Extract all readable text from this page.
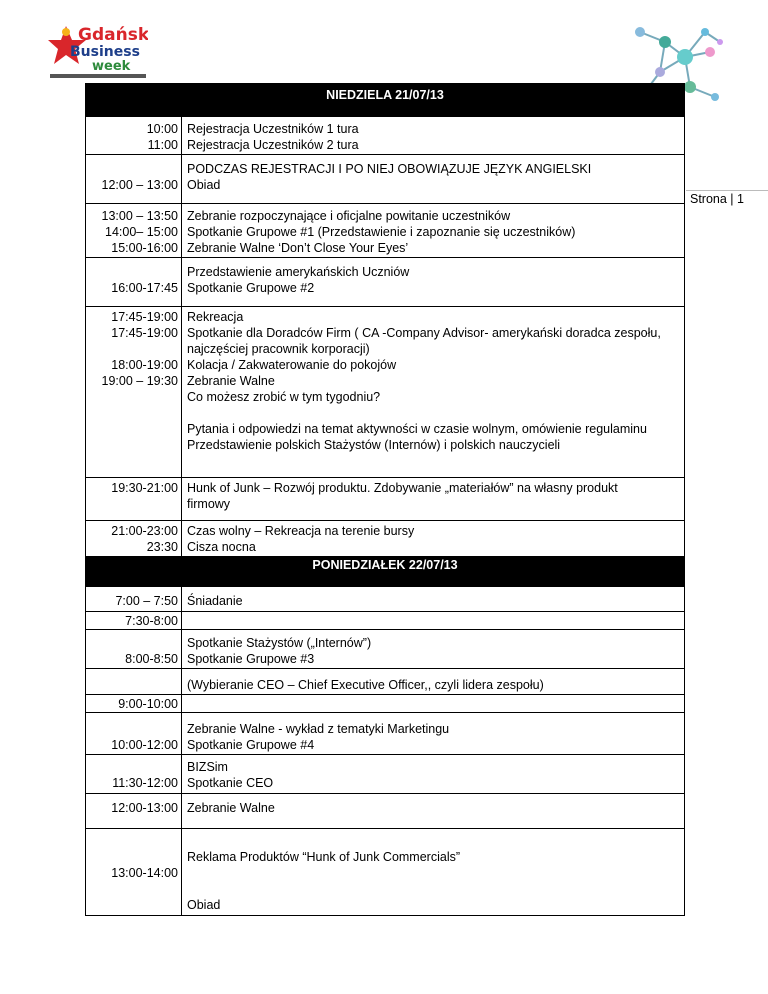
Gdańsk
Business
week
Strona | 1
NIEDZIELA 21/07/13
10:00
11:00
Rejestracja Uczestników 1 tura
Rejestracja Uczestników 2 tura
12:00 – 13:00
PODCZAS REJESTRACJI I PO NIEJ OBOWIĄZUJE JĘZYK ANGIELSKI
Obiad
13:00 – 13:50
14:00– 15:00
15:00-16:00
Zebranie rozpoczynające i oficjalne powitanie uczestników
Spotkanie Grupowe #1 (Przedstawienie i zapoznanie się uczestników)
Zebranie Walne ‘Don’t Close Your Eyes’
16:00-17:45
Przedstawienie amerykańskich Uczniów
Spotkanie Grupowe #2
17:45-19:00
17:45-19:00
18:00-19:00
19:00 – 19:30
Rekreacja
Spotkanie dla Doradców Firm ( CA -Company Advisor- amerykański doradca zespołu,
najczęściej pracownik korporacji)
Kolacja / Zakwaterowanie do pokojów
Zebranie Walne
Co możesz zrobić w tym tygodniu?
Pytania i odpowiedzi na temat aktywności w czasie wolnym, omówienie regulaminu
Przedstawienie polskich Stażystów (Internów) i polskich nauczycieli
19:30-21:00 Hunk of Junk – Rozwój produktu. Zdobywanie „materiałów” na własny produkt
firmowy
21:00-23:00
23:30
Czas wolny – Rekreacja na terenie bursy
Cisza nocna
PONIEDZIAŁEK 22/07/13
7:00 – 7:50 Śniadanie
7:30-8:00
8:00-8:50
Spotkanie Stażystów („Internów”)
Spotkanie Grupowe #3
(Wybieranie CEO – Chief Executive Officer,, czyli lidera zespołu)
9:00-10:00
10:00-12:00
Zebranie Walne - wykład z tematyki Marketingu
Spotkanie Grupowe #4
11:30-12:00
BIZSim
Spotkanie CEO
12:00-13:00 Zebranie Walne
13:00-14:00
Reklama Produktów “Hunk of Junk Commercials”
Obiad
